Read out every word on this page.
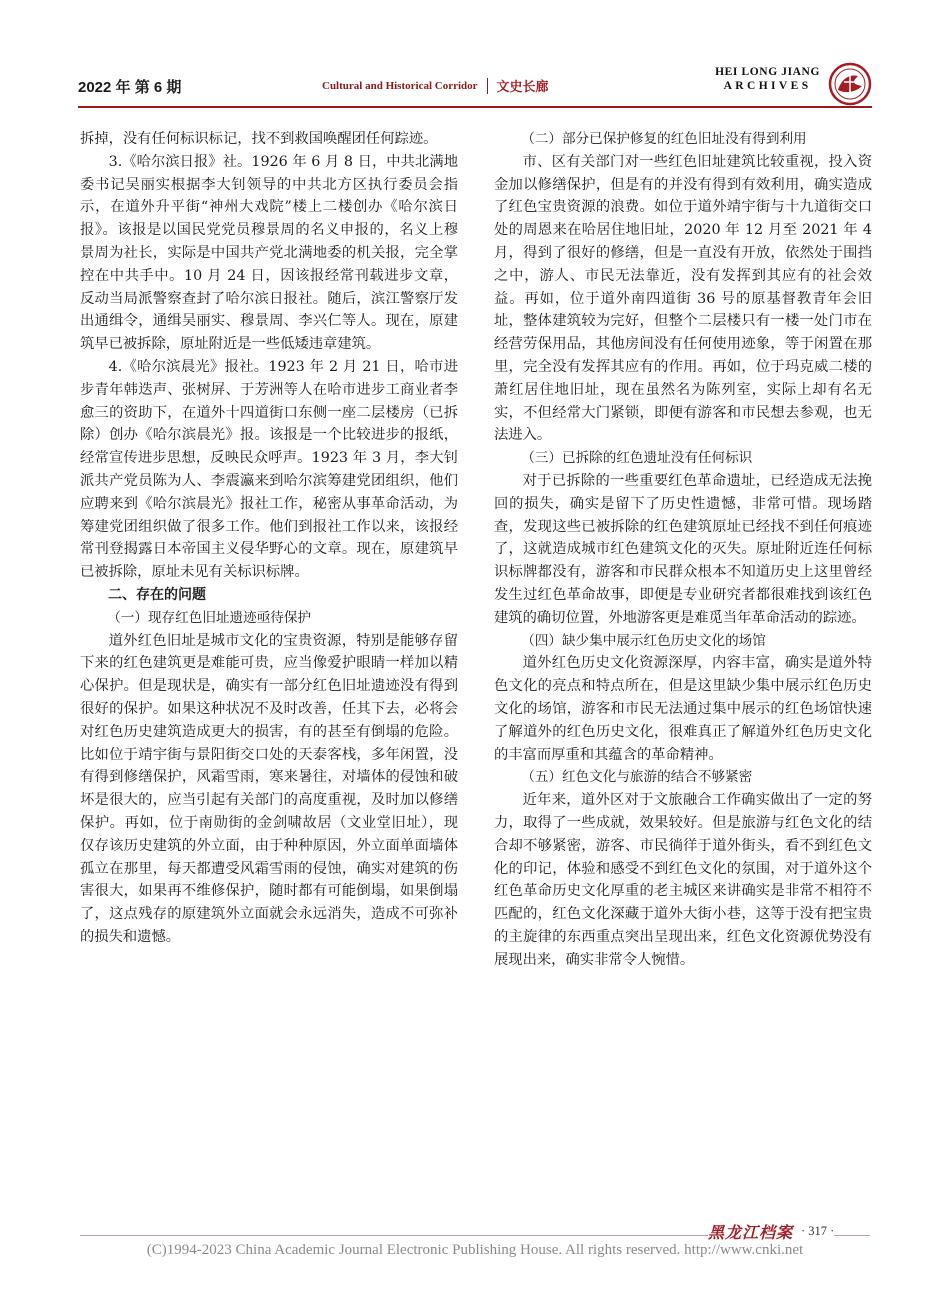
2022 年 第 6 期	Cultural and Historical Corridor 文史长廊
HEI LONG JIANG
ARCHIVES

拆掉，没有任何标识标记，找不到救国唤醒团任何踪迹。

3.《哈尔滨日报》社。1926 年 6 月 8 日，中共北满地委书记吴丽实根据李大钊领导的中共北方区执行委员会指示，在道外升平街“神州大戏院”楼上二楼创办《哈尔滨日报》。该报是以国民党党员穆景周的名义申报的，名义上穆景周为社长，实际是中国共产党北满地委的机关报，完全掌控在中共手中。10 月 24 日，因该报经常刊载进步文章，反动当局派警察查封了哈尔滨日报社。随后，滨江警察厅发出通缉令，通缉吴丽实、穆景周、李兴仁等人。现在，原建筑早已被拆除，原址附近是一些低矮违章建筑。

4.《哈尔滨晨光》报社。1923 年 2 月 21 日，哈市进步青年韩迭声、张树屏、于芳洲等人在哈市进步工商业者李愈三的资助下，在道外十四道街口东侧一座二层楼房（已拆除）创办《哈尔滨晨光》报。该报是一个比较进步的报纸，经常宣传进步思想，反映民众呼声。1923 年 3 月，李大钊派共产党员陈为人、李震瀛来到哈尔滨筹建党团组织，他们应聘来到《哈尔滨晨光》报社工作，秘密从事革命活动，为筹建党团组织做了很多工作。他们到报社工作以来，该报经常刊登揭露日本帝国主义侵华野心的文章。现在，原建筑早已被拆除，原址未见有关标识标牌。

二、存在的问题

（一）现存红色旧址遗迹亟待保护

道外红色旧址是城市文化的宝贵资源，特别是能够存留下来的红色建筑更是难能可贵，应当像爱护眼睛一样加以精心保护。但是现状是，确实有一部分红色旧址遗迹没有得到很好的保护。如果这种状况不及时改善，任其下去，必将会对红色历史建筑造成更大的损害，有的甚至有倒塌的危险。比如位于靖宇街与景阳街交口处的天泰客栈，多年闲置，没有得到修缮保护，风霜雪雨，寒来暑往，对墙体的侵蚀和破坏是很大的，应当引起有关部门的高度重视，及时加以修缮保护。再如，位于南勋街的金剑啸故居（文业堂旧址），现仅存该历史建筑的外立面，由于种种原因，外立面单面墙体孤立在那里，每天都遭受风霜雪雨的侵蚀，确实对建筑的伤害很大，如果再不维修保护，随时都有可能倒塌，如果倒塌了，这点残存的原建筑外立面就会永远消失，造成不可弥补的损失和遗憾。

（二）部分已保护修复的红色旧址没有得到利用

市、区有关部门对一些红色旧址建筑比较重视，投入资金加以修缮保护，但是有的并没有得到有效利用，确实造成了红色宝贵资源的浪费。如位于道外靖宇街与十九道街交口处的周恩来在哈居住地旧址，2020 年 12 月至 2021 年 4 月，得到了很好的修缮，但是一直没有开放，依然处于围挡之中，游人、市民无法靠近，没有发挥到其应有的社会效益。再如，位于道外南四道街 36 号的原基督教青年会旧址，整体建筑较为完好，但整个二层楼只有一楼一处门市在经营劳保用品，其他房间没有任何使用迹象，等于闲置在那里，完全没有发挥其应有的作用。再如，位于玛克威二楼的萧红居住地旧址，现在虽然名为陈列室，实际上却有名无实，不但经常大门紧锁，即便有游客和市民想去参观，也无法进入。

（三）已拆除的红色遗址没有任何标识

对于已拆除的一些重要红色革命遗址，已经造成无法挽回的损失，确实是留下了历史性遗憾，非常可惜。现场踏查，发现这些已被拆除的红色建筑原址已经找不到任何痕迹了，这就造成城市红色建筑文化的灭失。原址附近连任何标识标牌都没有，游客和市民群众根本不知道历史上这里曾经发生过红色革命故事，即便是专业研究者都很难找到该红色建筑的确切位置，外地游客更是难觅当年革命活动的踪迹。

（四）缺少集中展示红色历史文化的场馆

道外红色历史文化资源深厚，内容丰富，确实是道外特色文化的亮点和特点所在，但是这里缺少集中展示红色历史文化的场馆，游客和市民无法通过集中展示的红色场馆快速了解道外的红色历史文化，很难真正了解道外红色历史文化的丰富而厚重和其蕴含的革命精神。

（五）红色文化与旅游的结合不够紧密

近年来，道外区对于文旅融合工作确实做出了一定的努力，取得了一些成就，效果较好。但是旅游与红色文化的结合却不够紧密，游客、市民徜徉于道外街头，看不到红色文化的印记，体验和感受不到红色文化的氛围，对于道外这个红色革命历史文化厚重的老主城区来讲确实是非常不相符不匹配的，红色文化深藏于道外大街小巷，这等于没有把宝贵的主旋律的东西重点突出呈现出来，红色文化资源优势没有展现出来，确实非常令人惋惜。

黑龙江档案 · 317 ·
(C)1994-2023 China Academic Journal Electronic Publishing House. All rights reserved. http://www.cnki.net
